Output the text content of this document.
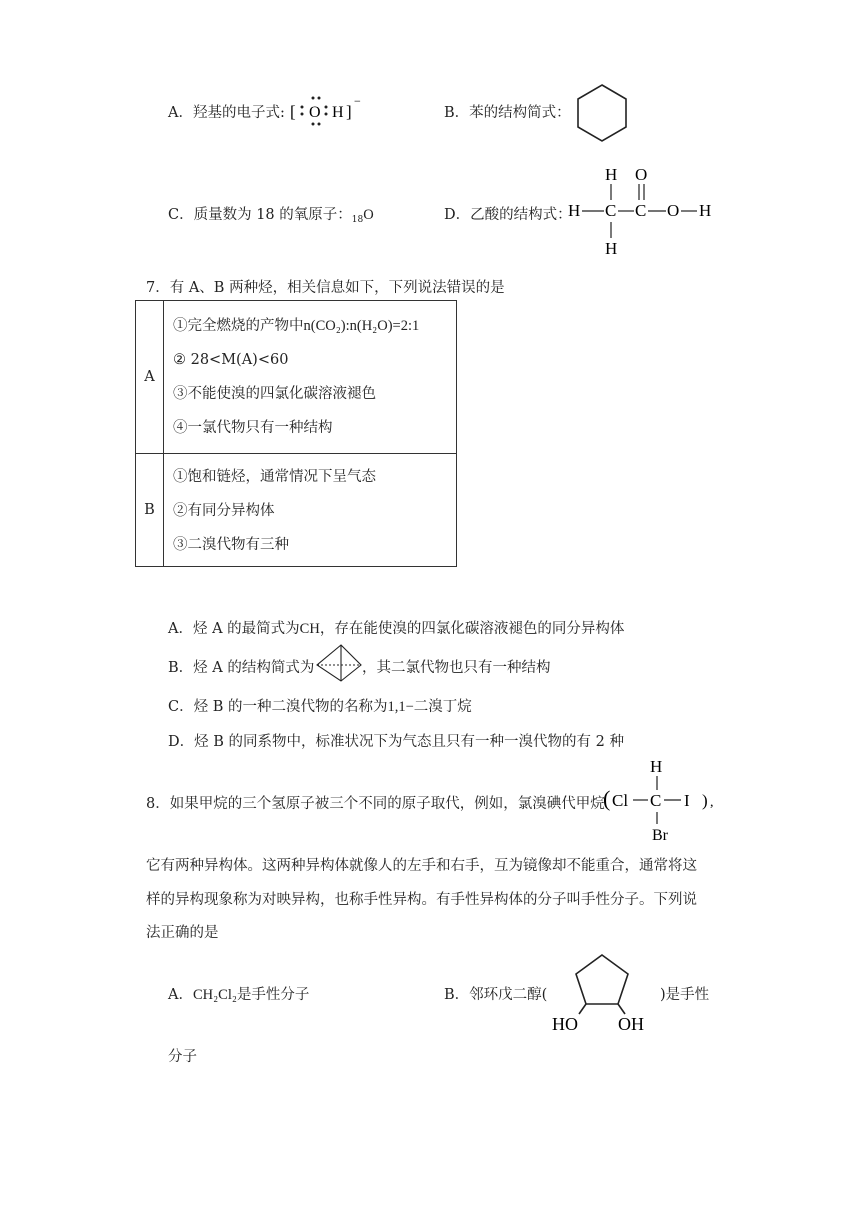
A．羟基的电子式: [ O H ]
−
B．苯的结构简式：
C．质量数为 18 的氧原子：$_{18}$O	D．乙酸的结构式：
H O
H C C O H
H
7．有 A、B 两种烃，相关信息如下，下列说法错误的是
A	①完全燃烧的产物中n(CO₂):n(H₂O)=2:1
② 28<M(A)<60
③不能使溴的四氯化碳溶液褪色
④一氯代物只有一种结构

B	①饱和链烃，通常情况下呈气态
②有同分异构体
③二溴代物有三种
A．烃 A 的最简式为CH，存在能使溴的四氯化碳溶液褪色的同分异构体
B．烃 A 的结构简式为	，其二氯代物也只有一种结构
C．烃 B 的一种二溴代物的名称为1,1−二溴丁烷
D．烃 B 的同系物中，标准状况下为气态且只有一种一溴代物的有 2 种
8．如果甲烷的三个氢原子被三个不同的原子取代，例如，氯溴碘代甲烷
H
( Cl C I ) ,
Br
它有两种异构体。这两种异构体就像人的左手和右手，互为镜像却不能重合，通常将这
样的异构现象称为对映异构，也称手性异构。有手性异构体的分子叫手性分子。下列说
法正确的是
A．CH₂Cl₂是手性分子	B．邻环戊二醇(
HO OH
)是手性
分子
